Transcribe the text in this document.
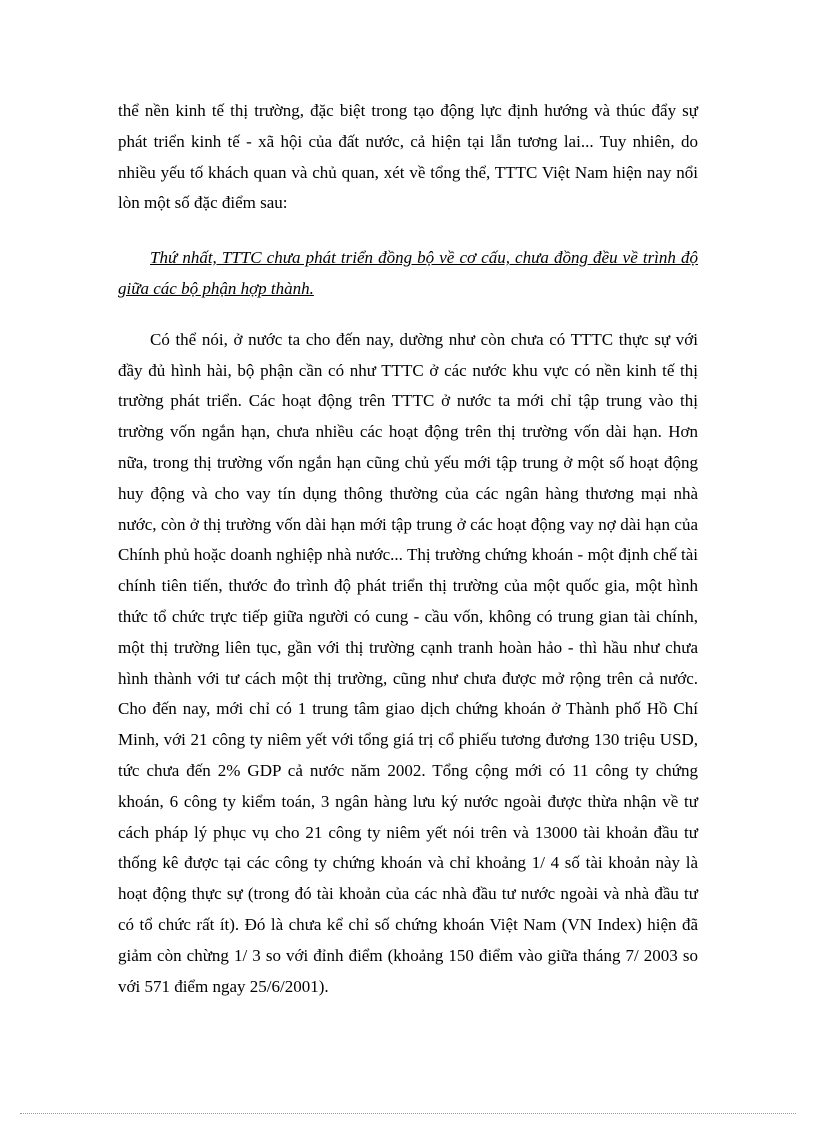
thể nền kinh tế thị trường, đặc biệt trong tạo động lực định hướng và thúc đẩy sự phát triển kinh tế - xã hội của đất nước, cả hiện tại lẫn tương lai... Tuy nhiên, do nhiều yếu tố khách quan và chủ quan, xét về tổng thể, TTTC Việt Nam hiện nay nổi lòn một số đặc điểm sau:

Thứ nhất, TTTC chưa phát triển đồng bộ về cơ cấu, chưa đồng đều về trình độ giữa các bộ phận hợp thành.

Có thể nói, ở nước ta cho đến nay, dường như còn chưa có TTTC thực sự với đầy đủ hình hài, bộ phận cần có như TTTC ở các nước khu vực có nền kinh tế thị trường phát triển. Các hoạt động trên TTTC ở nước ta mới chỉ tập trung vào thị trường vốn ngắn hạn, chưa nhiều các hoạt động trên thị trường vốn dài hạn. Hơn nữa, trong thị trường vốn ngắn hạn cũng chủ yếu mới tập trung ở một số hoạt động huy động và cho vay tín dụng thông thường của các ngân hàng thương mại nhà nước, còn ở thị trường vốn dài hạn mới tập trung ở các hoạt động vay nợ dài hạn của Chính phủ hoặc doanh nghiệp nhà nước... Thị trường chứng khoán - một định chế tài chính tiên tiến, thước đo trình độ phát triển thị trường của một quốc gia, một hình thức tổ chức trực tiếp giữa người có cung - cầu vốn, không có trung gian tài chính, một thị trường liên tục, gần với thị trường cạnh tranh hoàn hảo - thì hầu như chưa hình thành với tư cách một thị trường, cũng như chưa được mở rộng trên cả nước. Cho đến nay, mới chỉ có 1 trung tâm giao dịch chứng khoán ở Thành phố Hồ Chí Minh, với 21 công ty niêm yết với tổng giá trị cổ phiếu tương đương 130 triệu USD, tức chưa đến 2% GDP cả nước năm 2002. Tổng cộng mới có 11 công ty chứng khoán, 6 công ty kiểm toán, 3 ngân hàng lưu ký nước ngoài được thừa nhận về tư cách pháp lý phục vụ cho 21 công ty niêm yết nói trên và 13000 tài khoản đầu tư thống kê được tại các công ty chứng khoán và chỉ khoảng 1/ 4 số tài khoản này là hoạt động thực sự (trong đó tài khoản của các nhà đầu tư nước ngoài và nhà đầu tư có tổ chức rất ít). Đó là chưa kể chỉ số chứng khoán Việt Nam (VN Index) hiện đã giảm còn chừng 1/ 3 so với đỉnh điểm (khoảng 150 điểm vào giữa tháng 7/ 2003 so với 571 điểm ngay 25/6/2001).
